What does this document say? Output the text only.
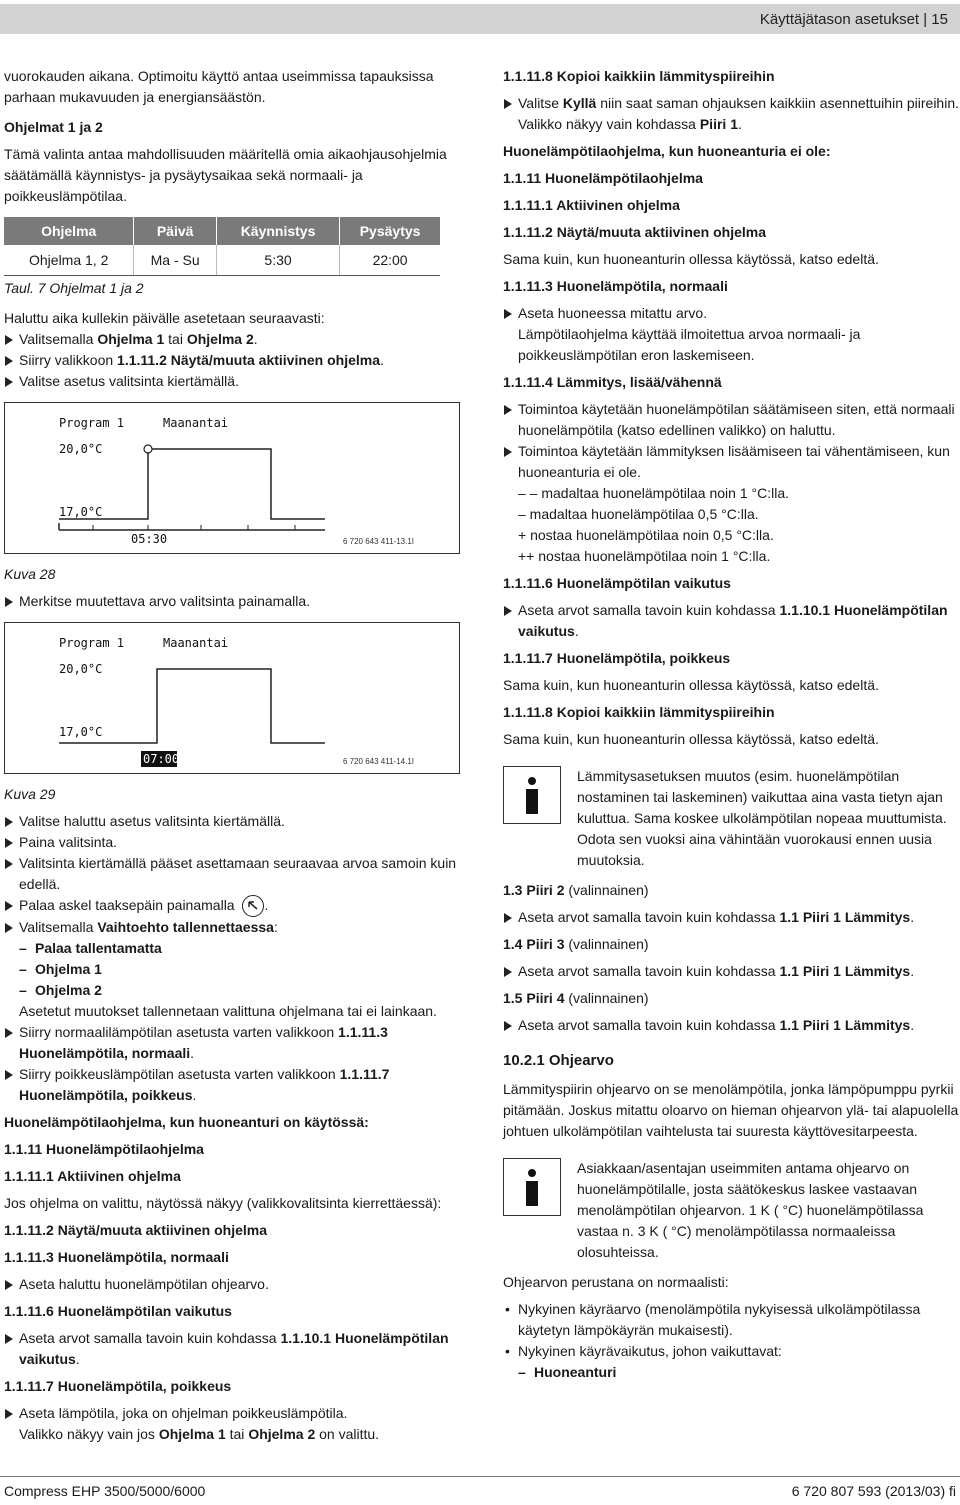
Käyttäjätason asetukset | 15

vuorokauden aikana. Optimoitu käyttö antaa useimmissa tapauksissa parhaan mukavuuden ja energiansäästön.

Ohjelmat 1 ja 2

Tämä valinta antaa mahdollisuuden määritellä omia aikaohjausohjelmia säätämällä käynnistys- ja pysäytysaikaa sekä normaali- ja poikkeuslämpötilaa.

Ohjelma	Päivä	Käynnistys	Pysäytys
Ohjelma 1, 2	Ma - Su	5:30	22:00

Taul. 7 Ohjelmat 1 ja 2

Haluttu aika kullekin päivälle asetetaan seuraavasti:

Valitsemalla Ohjelma 1 tai Ohjelma 2.

Siirry valikkoon 1.1.11.2 Näytä/muuta aktiivinen ohjelma.

Valitse asetus valitsinta kiertämällä.

Program 1	Maanantai
20,0°C
17,0°C
05:30	6 720 643 411-13.1I

Kuva 28

Merkitse muutettava arvo valitsinta painamalla.

Program 1	Maanantai
20,0°C
17,0°C
07:00	6 720 643 411-14.1I

Kuva 29

Valitse haluttu asetus valitsinta kiertämällä.

Paina valitsinta.

Valitsinta kiertämällä pääset asettamaan seuraavaa arvoa samoin kuin edellä.

Palaa askel taaksepäin painamalla .

Valitsemalla Vaihtoehto tallennettaessa:

– Palaa tallentamatta

– Ohjelma 1

– Ohjelma 2

Asetetut muutokset tallennetaan valittuna ohjelmana tai ei lainkaan.

Siirry normaalilämpötilan asetusta varten valikkoon 1.1.11.3 Huonelämpötila, normaali.

Siirry poikkeuslämpötilan asetusta varten valikkoon 1.1.11.7 Huonelämpötila, poikkeus.

Huonelämpötilaohjelma, kun huoneanturi on käytössä:

1.1.11 Huonelämpötilaohjelma

1.1.11.1 Aktiivinen ohjelma

Jos ohjelma on valittu, näytössä näkyy (valikkovalitsinta kierrettäessä):

1.1.11.2 Näytä/muuta aktiivinen ohjelma

1.1.11.3 Huonelämpötila, normaali

Aseta haluttu huonelämpötilan ohjearvo.

1.1.11.6 Huonelämpötilan vaikutus

Aseta arvot samalla tavoin kuin kohdassa 1.1.10.1 Huonelämpötilan vaikutus.

1.1.11.7 Huonelämpötila, poikkeus

Aseta lämpötila, joka on ohjelman poikkeuslämpötila.

Valikko näkyy vain jos Ohjelma 1 tai Ohjelma 2 on valittu.

1.1.11.8 Kopioi kaikkiin lämmityspiireihin

Valitse Kyllä niin saat saman ohjauksen kaikkiin asennettuihin piireihin.

Valikko näkyy vain kohdassa Piiri 1.

Huonelämpötilaohjelma, kun huoneanturia ei ole:

1.1.11 Huonelämpötilaohjelma

1.1.11.1 Aktiivinen ohjelma

1.1.11.2 Näytä/muuta aktiivinen ohjelma

Sama kuin, kun huoneanturin ollessa käytössä, katso edeltä.

1.1.11.3 Huonelämpötila, normaali

Aseta huoneessa mitattu arvo.

Lämpötilaohjelma käyttää ilmoitettua arvoa normaali- ja poikkeuslämpötilan eron laskemiseen.

1.1.11.4 Lämmitys, lisää/vähennä

Toimintoa käytetään huonelämpötilan säätämiseen siten, että normaali huonelämpötila (katso edellinen valikko) on haluttu.

Toimintoa käytetään lämmityksen lisäämiseen tai vähentämiseen, kun huoneanturia ei ole.

– – madaltaa huonelämpötilaa noin 1 °C:lla.

– madaltaa huonelämpötilaa 0,5 °C:lla.

+ nostaa huonelämpötilaa noin 0,5 °C:lla.

++ nostaa huonelämpötilaa noin 1 °C:lla.

1.1.11.6 Huonelämpötilan vaikutus

Aseta arvot samalla tavoin kuin kohdassa 1.1.10.1 Huonelämpötilan vaikutus.

1.1.11.7 Huonelämpötila, poikkeus

Sama kuin, kun huoneanturin ollessa käytössä, katso edeltä.

1.1.11.8 Kopioi kaikkiin lämmityspiireihin

Sama kuin, kun huoneanturin ollessa käytössä, katso edeltä.

Lämmitysasetuksen muutos (esim. huonelämpötilan nostaminen tai laskeminen) vaikuttaa aina vasta tietyn ajan kuluttua. Sama koskee ulkolämpötilan nopeaa muuttumista. Odota sen vuoksi aina vähintään vuorokausi ennen uusia muutoksia.

1.3 Piiri 2 (valinnainen)

Aseta arvot samalla tavoin kuin kohdassa 1.1 Piiri 1 Lämmitys.

1.4 Piiri 3 (valinnainen)

Aseta arvot samalla tavoin kuin kohdassa 1.1 Piiri 1 Lämmitys.

1.5 Piiri 4 (valinnainen)

Aseta arvot samalla tavoin kuin kohdassa 1.1 Piiri 1 Lämmitys.

10.2.1 Ohjearvo

Lämmityspiirin ohjearvo on se menolämpötila, jonka lämpöpumppu pyrkii pitämään. Joskus mitattu oloarvo on hieman ohjearvon ylä- tai alapuolella johtuen ulkolämpötilan vaihtelusta tai suuresta käyttövesitarpeesta.

Asiakkaan/asentajan useimmiten antama ohjearvo on huonelämpötilalle, josta säätökeskus laskee vastaavan menolämpötilan ohjearvon. 1 K ( °C) huonelämpötilassa vastaa n. 3 K ( °C) menolämpötilassa normaaleissa olosuhteissa.

Ohjearvon perustana on normaalisti:

• Nykyinen käyräarvo (menolämpötila nykyisessä ulkolämpötilassa käytetyn lämpökäyrän mukaisesti).

• Nykyinen käyrävaikutus, johon vaikuttavat:

– Huoneanturi

Compress EHP 3500/5000/6000	6 720 807 593 (2013/03) fi
